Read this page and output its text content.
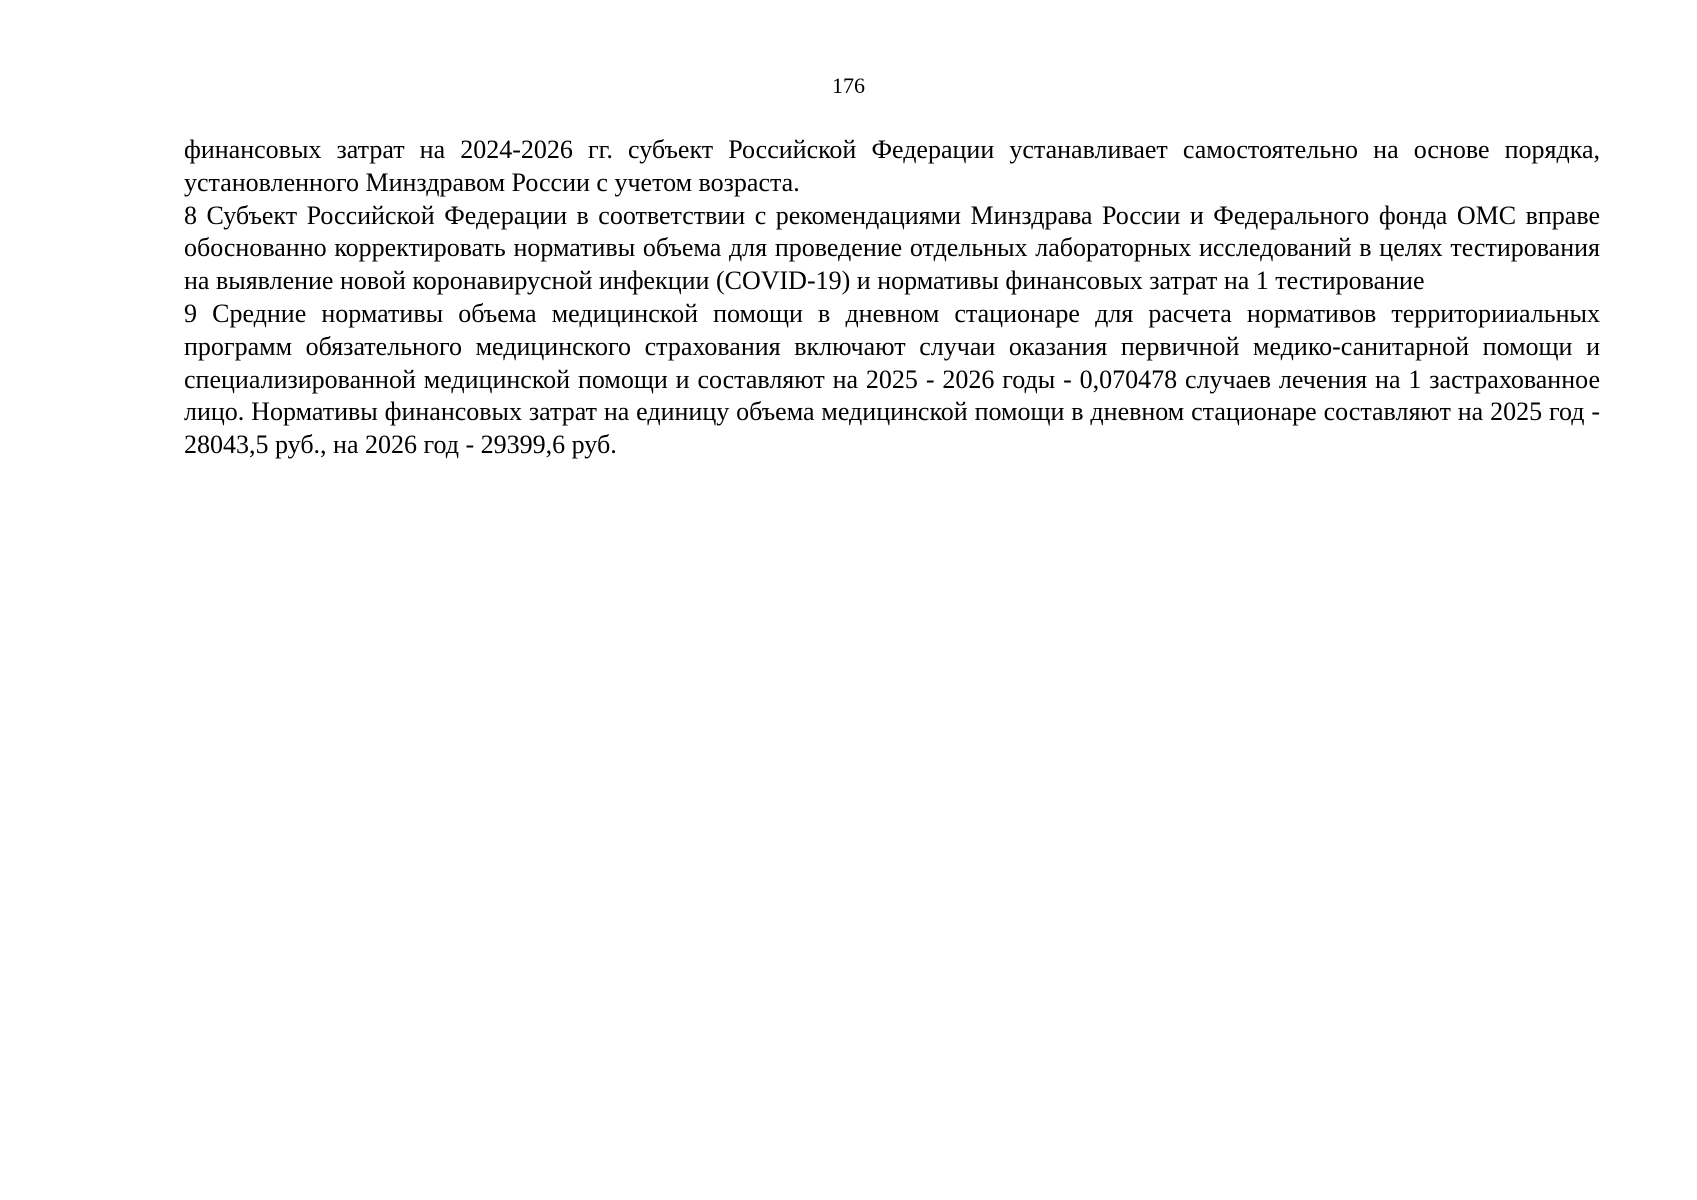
176

финансовых затрат на 2024-2026 гг. субъект Российской Федерации устанавливает самостоятельно на основе порядка, установленного Минздравом России с учетом возраста.

8 Субъект Российской Федерации в соответствии с рекомендациями Минздрава России и Федерального фонда ОМС вправе обоснованно корректировать нормативы объема для проведение отдельных лабораторных исследований в целях тестирования на выявление новой коронавирусной инфекции (COVID-19) и нормативы финансовых затрат на 1 тестирование

9 Средние нормативы объема медицинской помощи в дневном стационаре для расчета нормативов территорииальных программ обязательного медицинского страхования включают случаи оказания первичной медико-санитарной помощи и специализированной медицинской помощи и составляют на 2025 - 2026 годы - 0,070478 случаев лечения на 1 застрахованное лицо. Нормативы финансовых затрат на единицу объема медицинской помощи в дневном стационаре составляют на 2025 год - 28043,5 руб., на 2026 год - 29399,6 руб.
